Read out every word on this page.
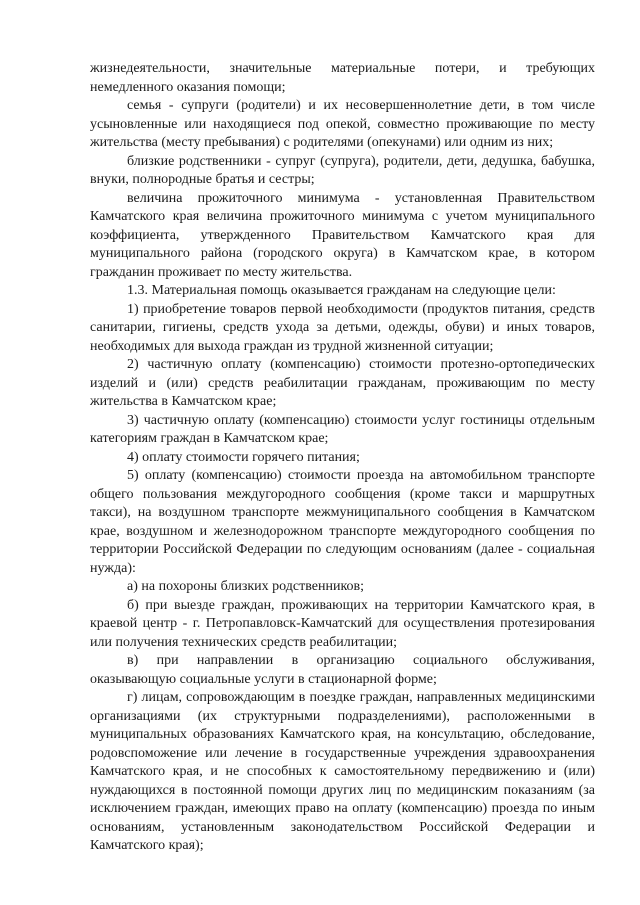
жизнедеятельности, значительные материальные потери, и требующих немедленного оказания помощи;

семья - супруги (родители) и их несовершеннолетние дети, в том числе усыновленные или находящиеся под опекой, совместно проживающие по месту жительства (месту пребывания) с родителями (опекунами) или одним из них;

близкие родственники - супруг (супруга), родители, дети, дедушка, бабушка, внуки, полнородные братья и сестры;

величина прожиточного минимума - установленная Правительством Камчатского края величина прожиточного минимума с учетом муниципального коэффициента, утвержденного Правительством Камчатского края для муниципального района (городского округа) в Камчатском крае, в котором гражданин проживает по месту жительства.

1.3. Материальная помощь оказывается гражданам на следующие цели:

1) приобретение товаров первой необходимости (продуктов питания, средств санитарии, гигиены, средств ухода за детьми, одежды, обуви) и иных товаров, необходимых для выхода граждан из трудной жизненной ситуации;

2) частичную оплату (компенсацию) стоимости протезно-ортопедических изделий и (или) средств реабилитации гражданам, проживающим по месту жительства в Камчатском крае;

3) частичную оплату (компенсацию) стоимости услуг гостиницы отдельным категориям граждан в Камчатском крае;

4) оплату стоимости горячего питания;

5) оплату (компенсацию) стоимости проезда на автомобильном транспорте общего пользования междугородного сообщения (кроме такси и маршрутных такси), на воздушном транспорте межмуниципального сообщения в Камчатском крае, воздушном и железнодорожном транспорте междугородного сообщения по территории Российской Федерации по следующим основаниям (далее - социальная нужда):

а) на похороны близких родственников;

б) при выезде граждан, проживающих на территории Камчатского края, в краевой центр - г. Петропавловск-Камчатский для осуществления протезирования или получения технических средств реабилитации;

в) при направлении в организацию социального обслуживания, оказывающую социальные услуги в стационарной форме;

г) лицам, сопровождающим в поездке граждан, направленных медицинскими организациями (их структурными подразделениями), расположенными в муниципальных образованиях Камчатского края, на консультацию, обследование, родовспоможение или лечение в государственные учреждения здравоохранения Камчатского края, и не способных к самостоятельному передвижению и (или) нуждающихся в постоянной помощи других лиц по медицинским показаниям (за исключением граждан, имеющих право на оплату (компенсацию) проезда по иным основаниям, установленным законодательством Российской Федерации и Камчатского края);
